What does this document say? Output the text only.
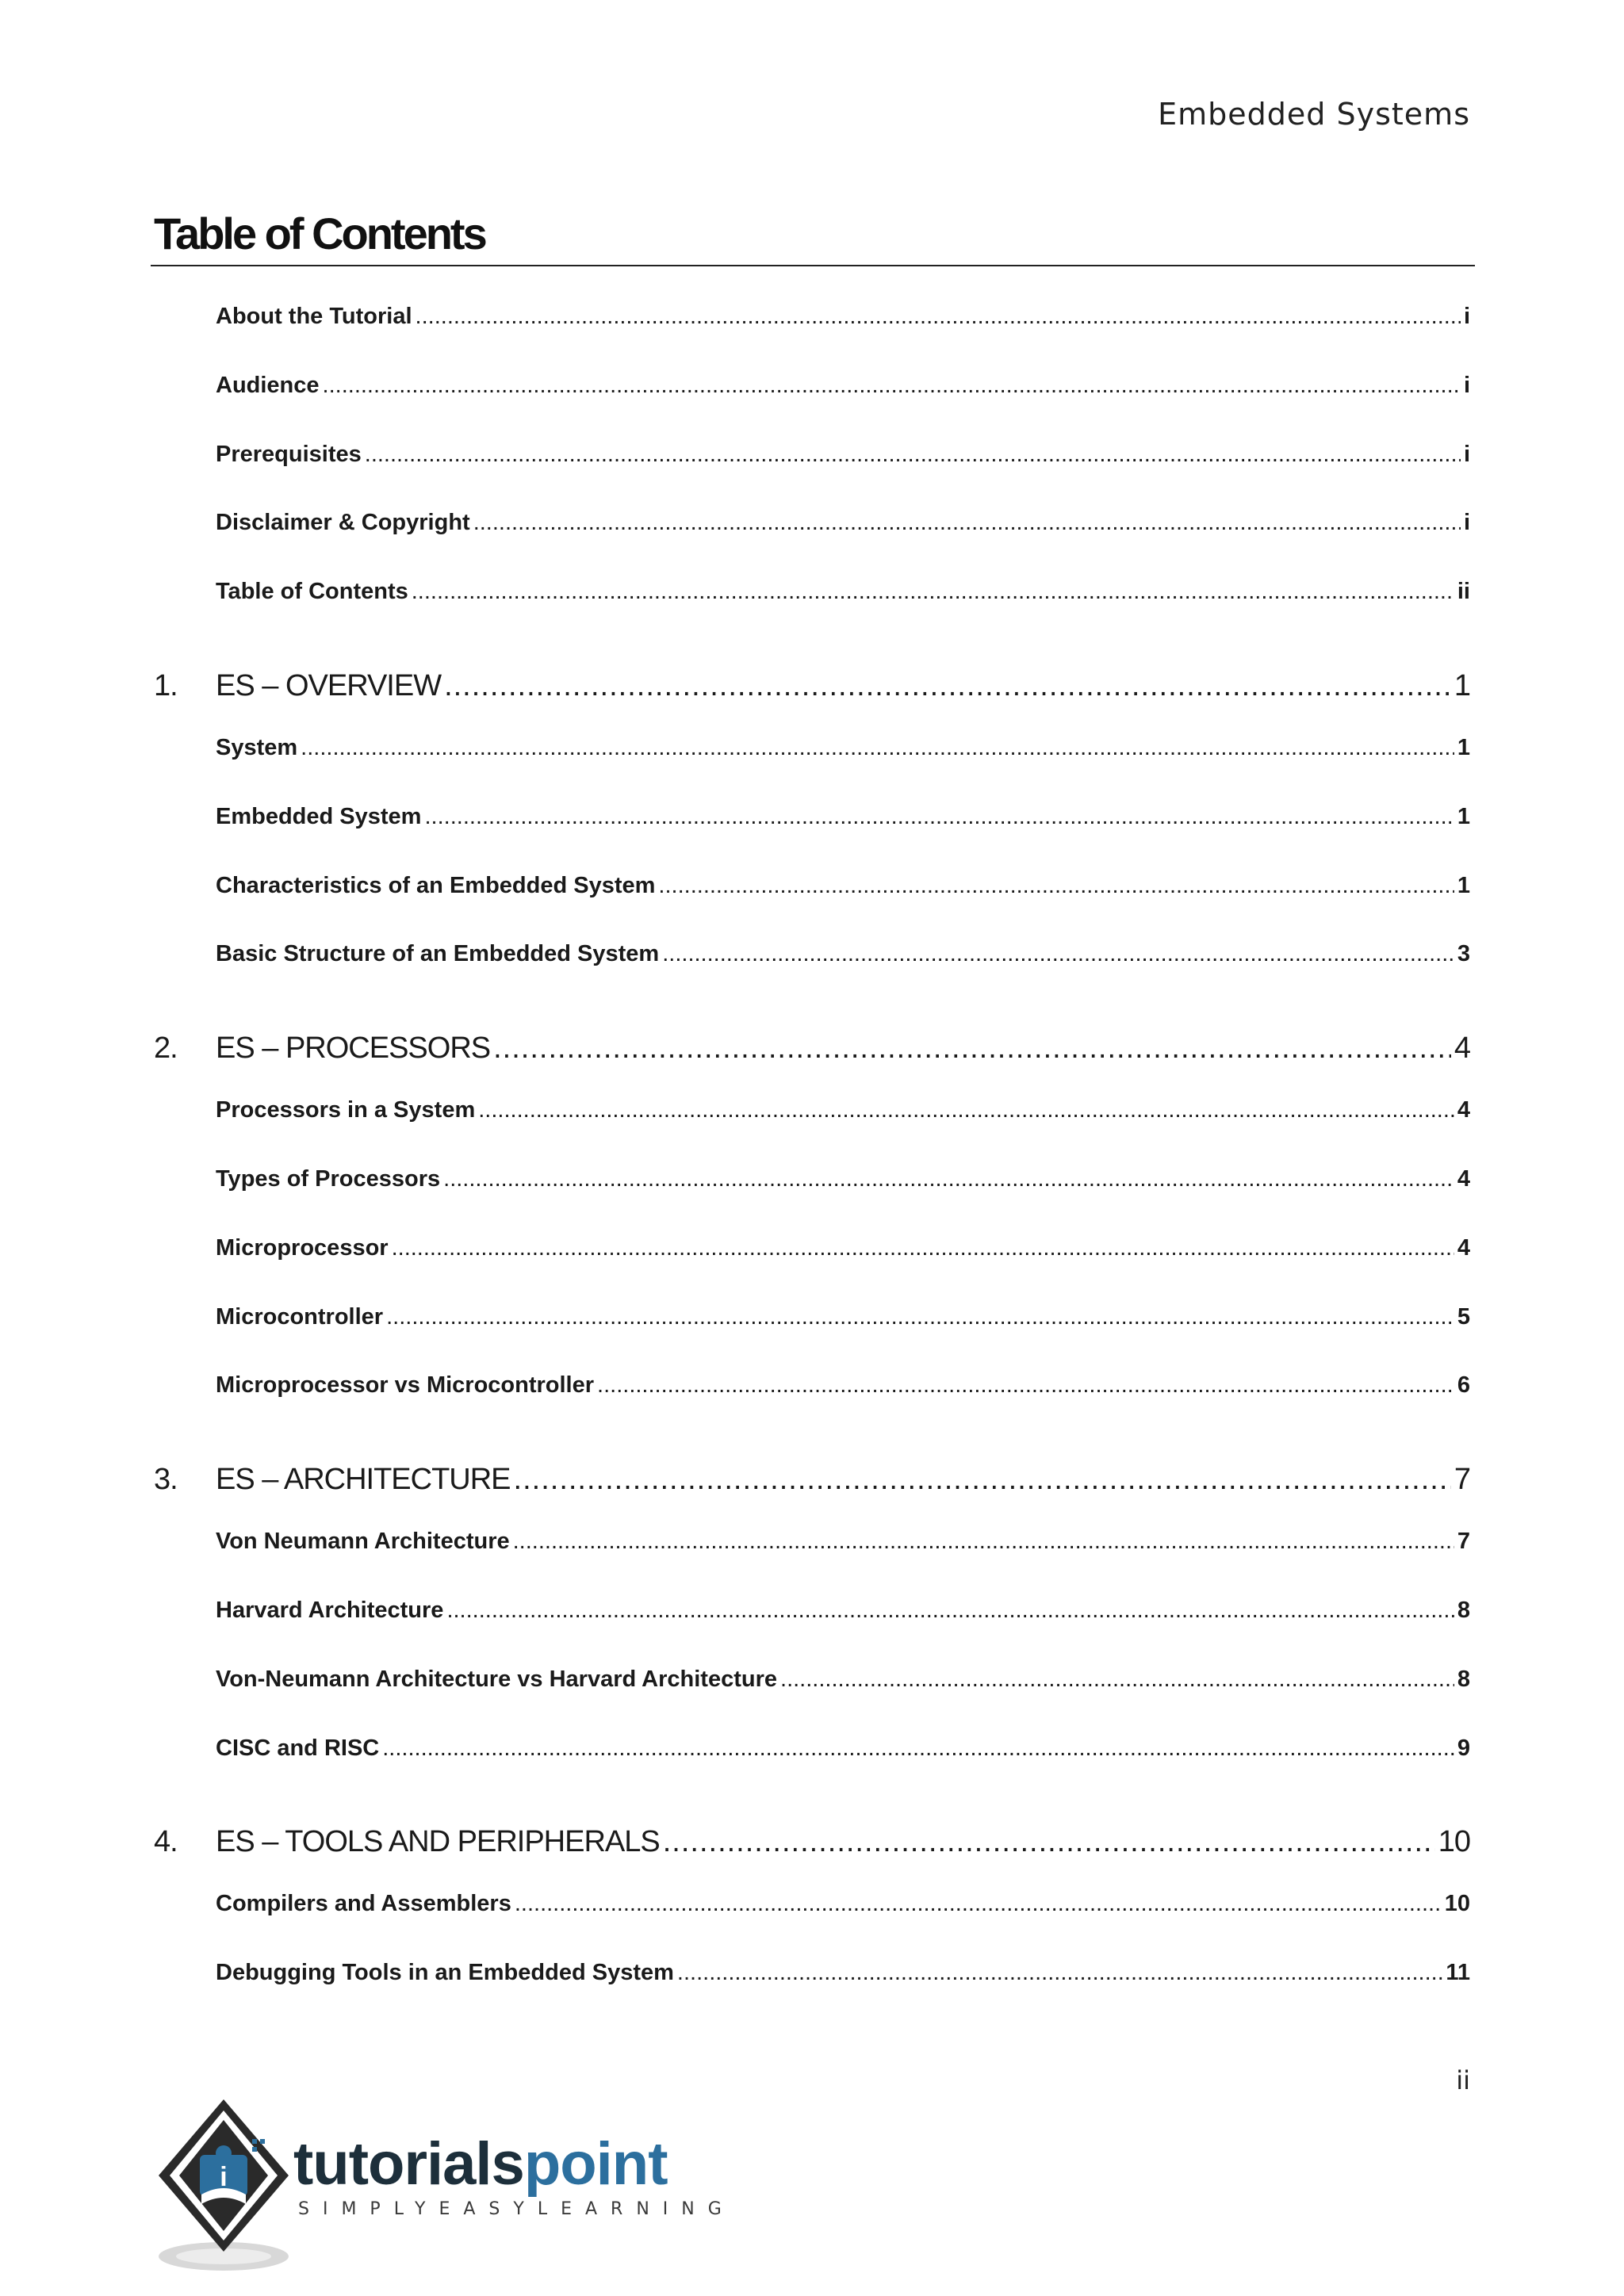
Embedded Systems
Table of Contents
About the Tutorial .....	i
Audience .....	i
Prerequisites .....	i
Disclaimer & Copyright .....	i
Table of Contents .....	ii
1.	ES – OVERVIEW .....	1
System .....	1
Embedded System .....	1
Characteristics of an Embedded System .....	1
Basic Structure of an Embedded System .....	3
2.	ES – PROCESSORS .....	4
Processors in a System .....	4
Types of Processors .....	4
Microprocessor .....	4
Microcontroller .....	5
Microprocessor vs Microcontroller .....	6
3.	ES – ARCHITECTURE .....	7
Von Neumann Architecture .....	7
Harvard Architecture .....	8
Von-Neumann Architecture vs Harvard Architecture .....	8
CISC and RISC .....	9
4.	ES – TOOLS AND PERIPHERALS .....	10
Compilers and Assemblers .....	10
Debugging Tools in an Embedded System .....	11
ii
i tutorialspoint
SIMPLYEASYLEARNING
